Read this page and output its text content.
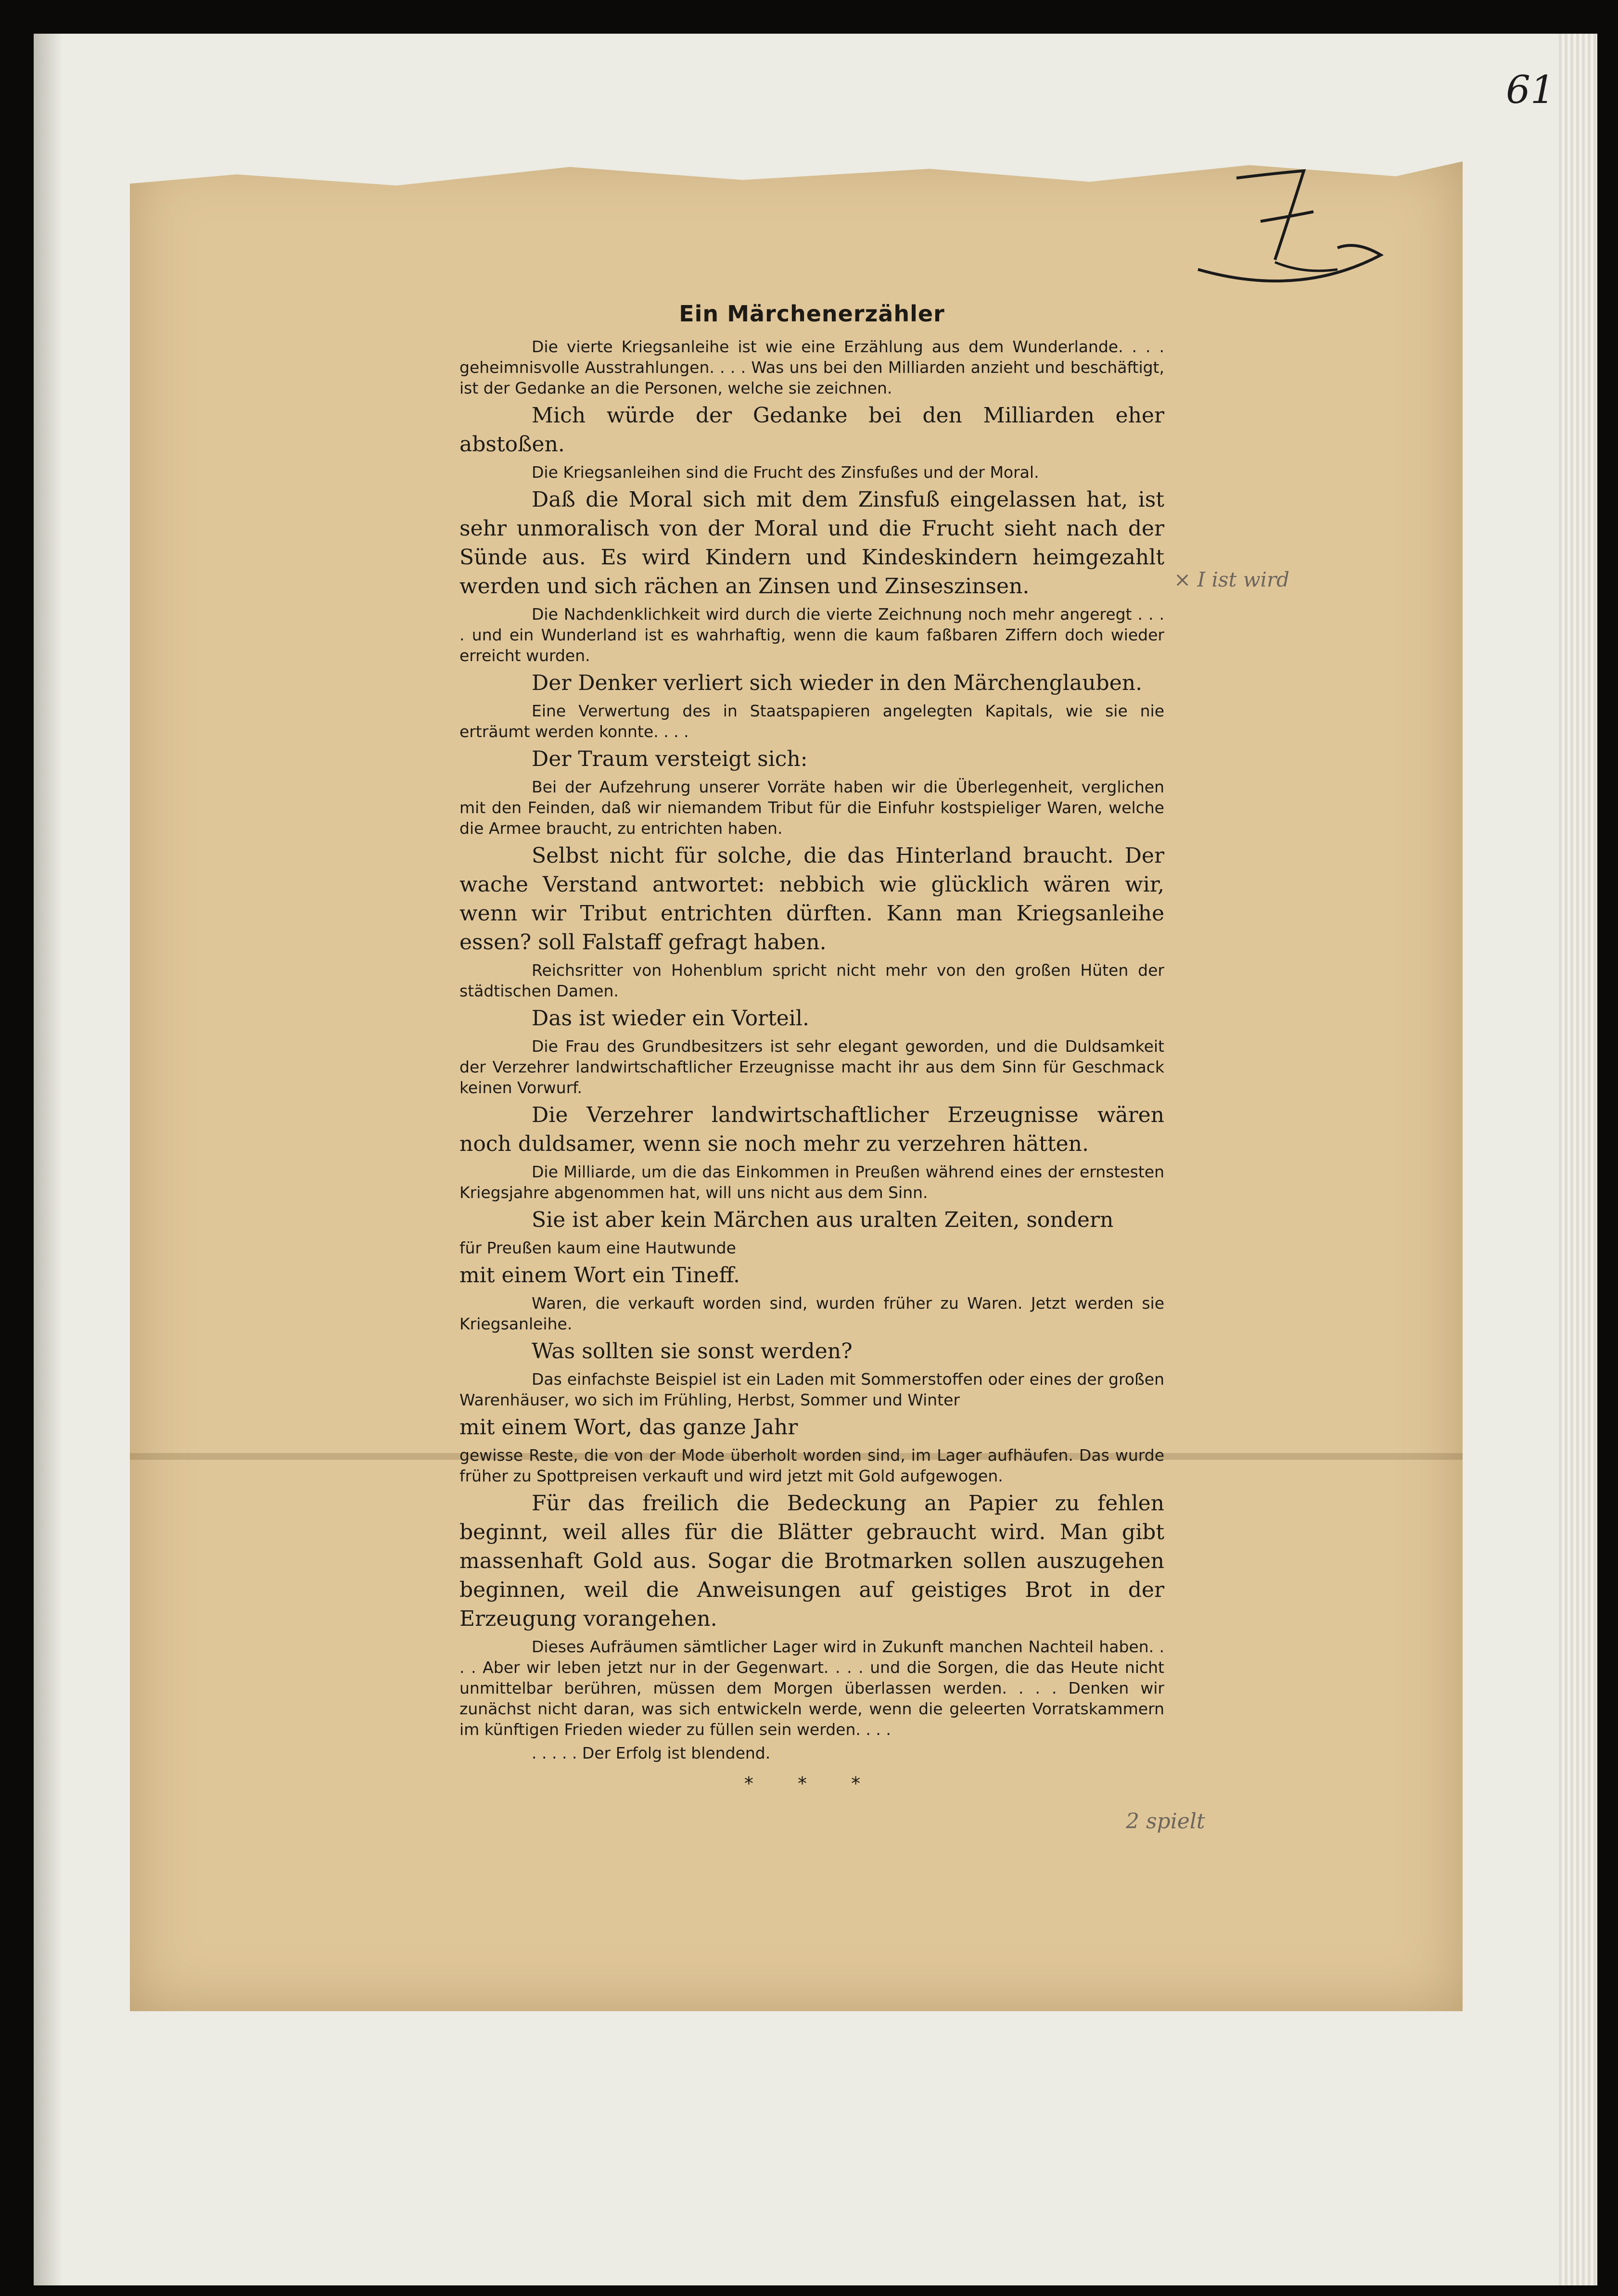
61
Ein Märchenerzähler

Die vierte Kriegsanleihe ist wie eine Erzählung aus dem Wunderlande. . . . geheimnisvolle Ausstrahlungen. . . . Was uns bei den Milliarden anzieht und beschäftigt, ist der Gedanke an die Personen, welche sie zeichnen.

Mich würde der Gedanke bei den Milliarden eher abstoßen.

Die Kriegsanleihen sind die Frucht des Zinsfußes und der Moral.

Daß die Moral sich mit dem Zinsfuß eingelassen hat, ist sehr unmoralisch von der Moral und die Frucht sieht nach der Sünde aus. Es wird Kindern und Kindeskindern heimgezahlt werden und sich rächen an Zinsen und Zinseszinsen.

Die Nachdenklichkeit wird durch die vierte Zeichnung noch mehr angeregt . . . . und ein Wunderland ist es wahrhaftig, wenn die kaum faßbaren Ziffern doch wieder erreicht wurden.

Der Denker verliert sich wieder in den Märchenglauben.

Eine Verwertung des in Staatspapieren angelegten Kapitals, wie sie nie erträumt werden konnte. . . .

Der Traum versteigt sich:

Bei der Aufzehrung unserer Vorräte haben wir die Überlegenheit, verglichen mit den Feinden, daß wir niemandem Tribut für die Einfuhr kostspieliger Waren, welche die Armee braucht, zu entrichten haben.

Selbst nicht für solche, die das Hinterland braucht. Der wache Verstand antwortet: nebbich wie glücklich wären wir, wenn wir Tribut entrichten dürften. Kann man Kriegsanleihe essen? soll Falstaff gefragt haben.

Reichsritter von Hohenblum spricht nicht mehr von den großen Hüten der städtischen Damen.

Das ist wieder ein Vorteil.

Die Frau des Grundbesitzers ist sehr elegant geworden, und die Duldsamkeit der Verzehrer landwirtschaftlicher Erzeugnisse macht ihr aus dem Sinn für Geschmack keinen Vorwurf.

Die Verzehrer landwirtschaftlicher Erzeugnisse wären noch duldsamer, wenn sie noch mehr zu verzehren hätten.

Die Milliarde, um die das Einkommen in Preußen während eines der ernstesten Kriegsjahre abgenommen hat, will uns nicht aus dem Sinn.

Sie ist aber kein Märchen aus uralten Zeiten, sondern

für Preußen kaum eine Hautwunde

mit einem Wort ein Tineff.

Waren, die verkauft worden sind, wurden früher zu Waren. Jetzt werden sie Kriegsanleihe.

Was sollten sie sonst werden?

Das einfachste Beispiel ist ein Laden mit Sommerstoffen oder eines der großen Warenhäuser, wo sich im Frühling, Herbst, Sommer und Winter

mit einem Wort, das ganze Jahr

gewisse Reste, die von der Mode überholt worden sind, im Lager aufhäufen. Das wurde früher zu Spottpreisen verkauft und wird jetzt mit Gold aufgewogen.

Für das freilich die Bedeckung an Papier zu fehlen beginnt, weil alles für die Blätter gebraucht wird. Man gibt massenhaft Gold aus. Sogar die Brotmarken sollen auszugehen beginnen, weil die Anweisungen auf geistiges Brot in der Erzeugung vorangehen.

Dieses Aufräumen sämtlicher Lager wird in Zukunft manchen Nachteil haben. . . . Aber wir leben jetzt nur in der Gegenwart. . . . und die Sorgen, die das Heute nicht unmittelbar berühren, müssen dem Morgen überlassen werden. . . . Denken wir zunächst nicht daran, was sich entwickeln werde, wenn die geleerten Vorratskammern im künftigen Frieden wieder zu füllen sein werden. . . .

. . . . . Der Erfolg ist blendend.

* * *
× I ist wird
2 spielt
